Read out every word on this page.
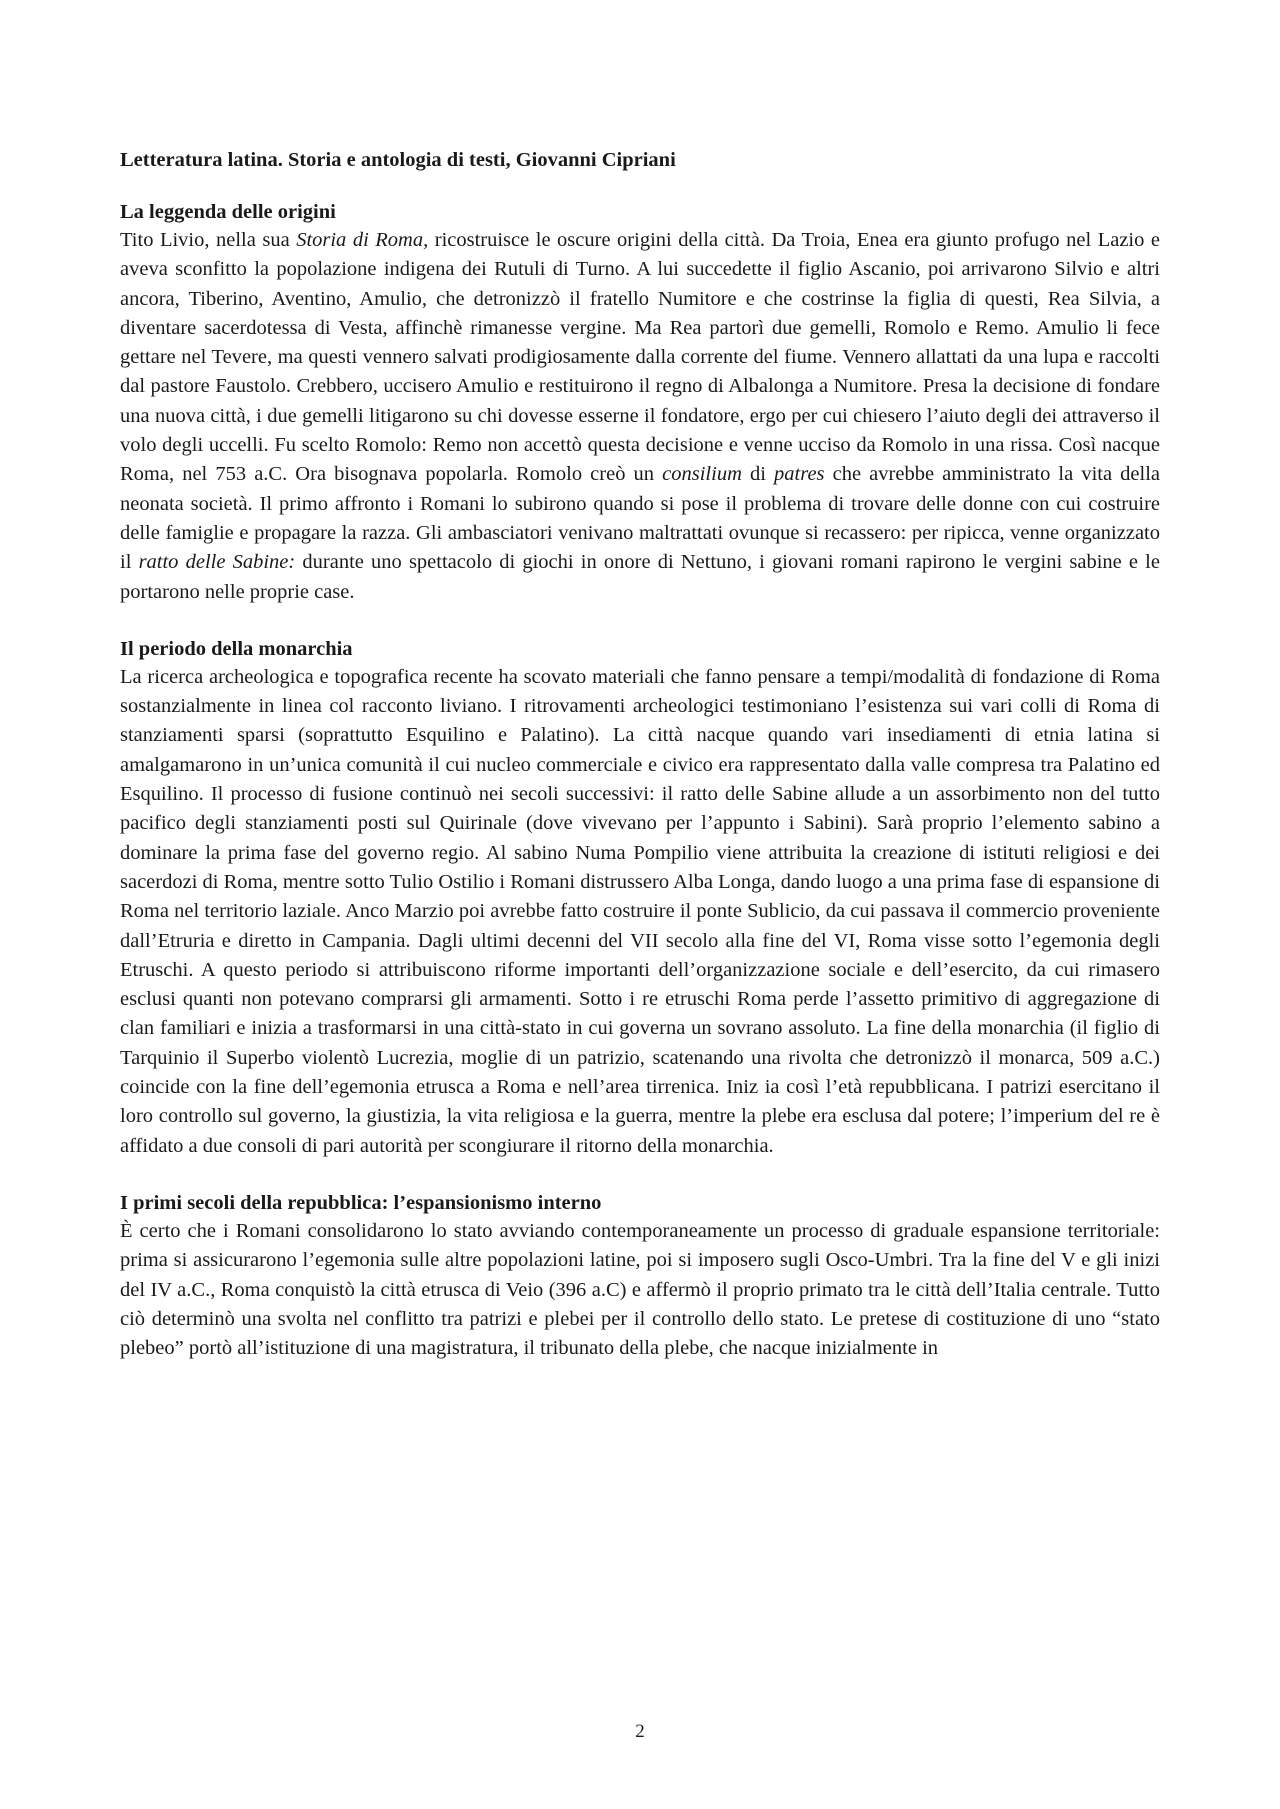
Letteratura latina. Storia e antologia di testi, Giovanni Cipriani
La leggenda delle origini

Tito Livio, nella sua Storia di Roma, ricostruisce le oscure origini della città. Da Troia, Enea era giunto profugo nel Lazio e aveva sconfitto la popolazione indigena dei Rutuli di Turno. A lui succedette il figlio Ascanio, poi arrivarono Silvio e altri ancora, Tiberino, Aventino, Amulio, che detronizzò il fratello Numitore e che costrinse la figlia di questi, Rea Silvia, a diventare sacerdotessa di Vesta, affinchè rimanesse vergine. Ma Rea partorì due gemelli, Romolo e Remo. Amulio li fece gettare nel Tevere, ma questi vennero salvati prodigiosamente dalla corrente del fiume. Vennero allattati da una lupa e raccolti dal pastore Faustolo. Crebbero, uccisero Amulio e restituirono il regno di Albalonga a Numitore. Presa la decisione di fondare una nuova città, i due gemelli litigarono su chi dovesse esserne il fondatore, ergo per cui chiesero l’aiuto degli dei attraverso il volo degli uccelli. Fu scelto Romolo: Remo non accettò questa decisione e venne ucciso da Romolo in una rissa. Così nacque Roma, nel 753 a.C. Ora bisognava popolarla. Romolo creò un consilium di patres che avrebbe amministrato la vita della neonata società. Il primo affronto i Romani lo subirono quando si pose il problema di trovare delle donne con cui costruire delle famiglie e propagare la razza. Gli ambasciatori venivano maltrattati ovunque si recassero: per ripicca, venne organizzato il ratto delle Sabine: durante uno spettacolo di giochi in onore di Nettuno, i giovani romani rapirono le vergini sabine e le portarono nelle proprie case.

Il periodo della monarchia

La ricerca archeologica e topografica recente ha scovato materiali che fanno pensare a tempi/modalità di fondazione di Roma sostanzialmente in linea col racconto liviano. I ritrovamenti archeologici testimoniano l’esistenza sui vari colli di Roma di stanziamenti sparsi (soprattutto Esquilino e Palatino). La città nacque quando vari insediamenti di etnia latina si amalgamarono in un’unica comunità il cui nucleo commerciale e civico era rappresentato dalla valle compresa tra Palatino ed Esquilino. Il processo di fusione continuò nei secoli successivi: il ratto delle Sabine allude a un assorbimento non del tutto pacifico degli stanziamenti posti sul Quirinale (dove vivevano per l’appunto i Sabini). Sarà proprio l’elemento sabino a dominare la prima fase del governo regio. Al sabino Numa Pompilio viene attribuita la creazione di istituti religiosi e dei sacerdozi di Roma, mentre sotto Tulio Ostilio i Romani distrussero Alba Longa, dando luogo a una prima fase di espansione di Roma nel territorio laziale. Anco Marzio poi avrebbe fatto costruire il ponte Sublicio, da cui passava il commercio proveniente dall’Etruria e diretto in Campania. Dagli ultimi decenni del VII secolo alla fine del VI, Roma visse sotto l’egemonia degli Etruschi. A questo periodo si attribuiscono riforme importanti dell’organizzazione sociale e dell’esercito, da cui rimasero esclusi quanti non potevano comprarsi gli armamenti. Sotto i re etruschi Roma perde l’assetto primitivo di aggregazione di clan familiari e inizia a trasformarsi in una città-stato in cui governa un sovrano assoluto. La fine della monarchia (il figlio di Tarquinio il Superbo violentò Lucrezia, moglie di un patrizio, scatenando una rivolta che detronizzò il monarca, 509 a.C.) coincide con la fine dell’egemonia etrusca a Roma e nell’area tirrenica. Iniz ia così l’età repubblicana. I patrizi esercitano il loro controllo sul governo, la giustizia, la vita religiosa e la guerra, mentre la plebe era esclusa dal potere; l’imperium del re è affidato a due consoli di pari autorità per scongiurare il ritorno della monarchia.

I primi secoli della repubblica: l’espansionismo interno

È certo che i Romani consolidarono lo stato avviando contemporaneamente un processo di graduale espansione territoriale: prima si assicurarono l’egemonia sulle altre popolazioni latine, poi si imposero sugli Osco-Umbri. Tra la fine del V e gli inizi del IV a.C., Roma conquistò la città etrusca di Veio (396 a.C) e affermò il proprio primato tra le città dell’Italia centrale. Tutto ciò determinò una svolta nel conflitto tra patrizi e plebei per il controllo dello stato. Le pretese di costituzione di uno “stato plebeo” portò all’istituzione di una magistratura, il tribunato della plebe, che nacque inizialmente in

2
